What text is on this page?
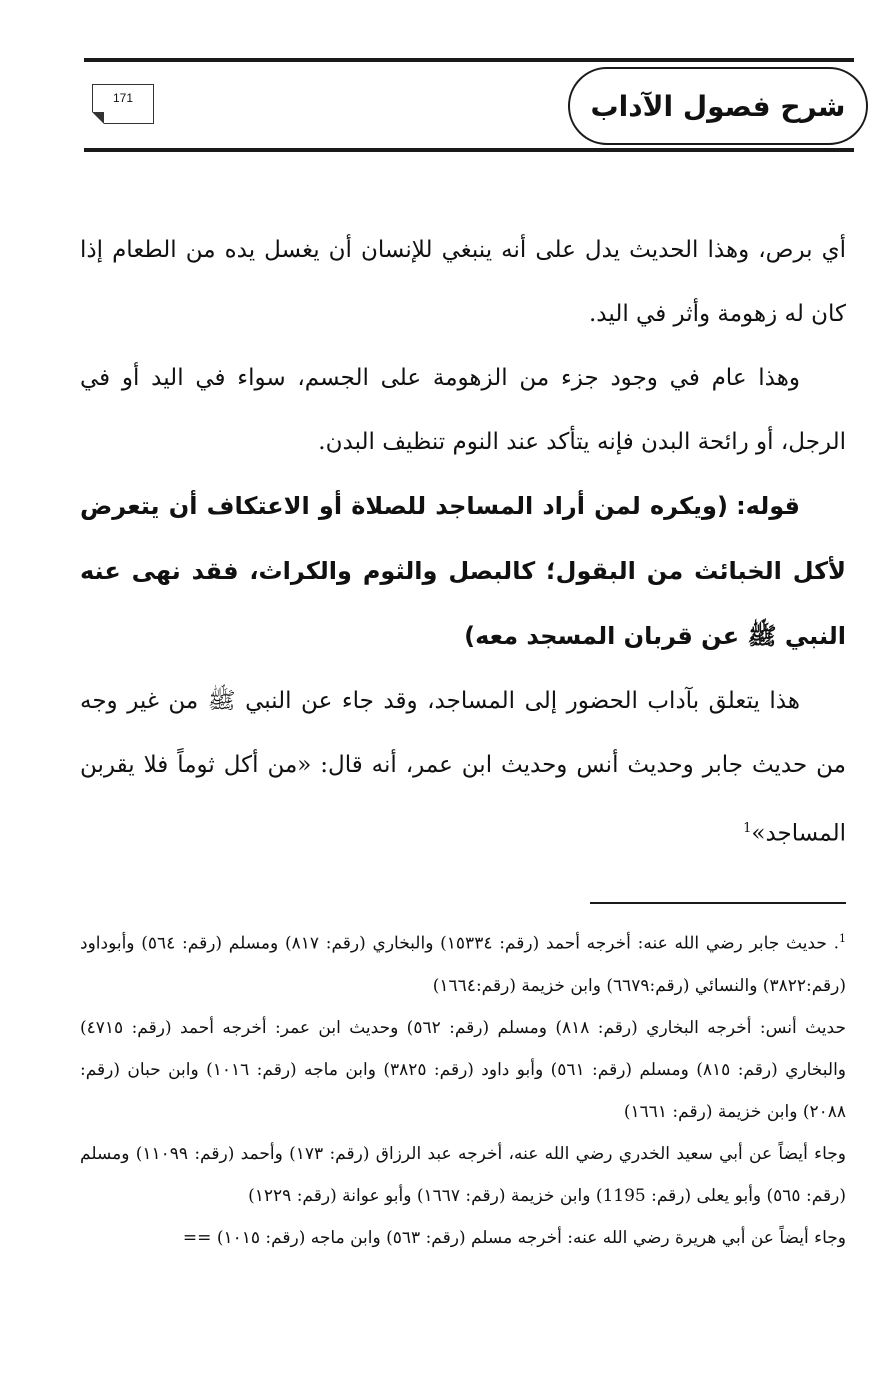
شرح فصول الآداب
171

أي برص، وهذا الحديث يدل على أنه ينبغي للإنسان أن يغسل يده من الطعام إذا كان له زهومة وأثر في اليد.

وهذا عام في وجود جزء من الزهومة على الجسم، سواء في اليد أو في الرجل، أو رائحة البدن فإنه يتأكد عند النوم تنظيف البدن.

قوله: (ويكره لمن أراد المساجد للصلاة أو الاعتكاف أن يتعرض لأكل الخبائث من البقول؛ كالبصل والثوم والكراث، فقد نهى عنه النبي ﷺ عن قربان المسجد معه)

هذا يتعلق بآداب الحضور إلى المساجد، وقد جاء عن النبي ﷺ من غير وجه من حديث جابر وحديث أنس وحديث ابن عمر، أنه قال: «من أكل ثوماً فلا يقربن المساجد»$^1$

$^1$. حديث جابر رضي الله عنه: أخرجه أحمد (رقم: ١٥٣٣٤) والبخاري (رقم: ٨١٧) ومسلم (رقم: ٥٦٤) وأبوداود (رقم:٣٨٢٢) والنسائي (رقم:٦٦٧٩) وابن خزيمة (رقم:١٦٦٤)

حديث أنس: أخرجه البخاري (رقم: ٨١٨) ومسلم (رقم: ٥٦٢) وحديث ابن عمر: أخرجه أحمد (رقم: ٤٧١٥) والبخاري (رقم: ٨١٥) ومسلم (رقم: ٥٦١) وأبو داود (رقم: ٣٨٢٥) وابن ماجه (رقم: ١٠١٦) وابن حبان (رقم: ٢٠٨٨) وابن خزيمة (رقم: ١٦٦١)

وجاء أيضاً عن أبي سعيد الخدري رضي الله عنه، أخرجه عبد الرزاق (رقم: ١٧٣) وأحمد (رقم: ١١٠٩٩) ومسلم (رقم: ٥٦٥) وأبو يعلى (رقم: 1195) وابن خزيمة (رقم: ١٦٦٧) وأبو عوانة (رقم: ١٢٢٩)

وجاء أيضاً عن أبي هريرة رضي الله عنه: أخرجه مسلم (رقم: ٥٦٣) وابن ماجه (رقم: ١٠١٥) ==
